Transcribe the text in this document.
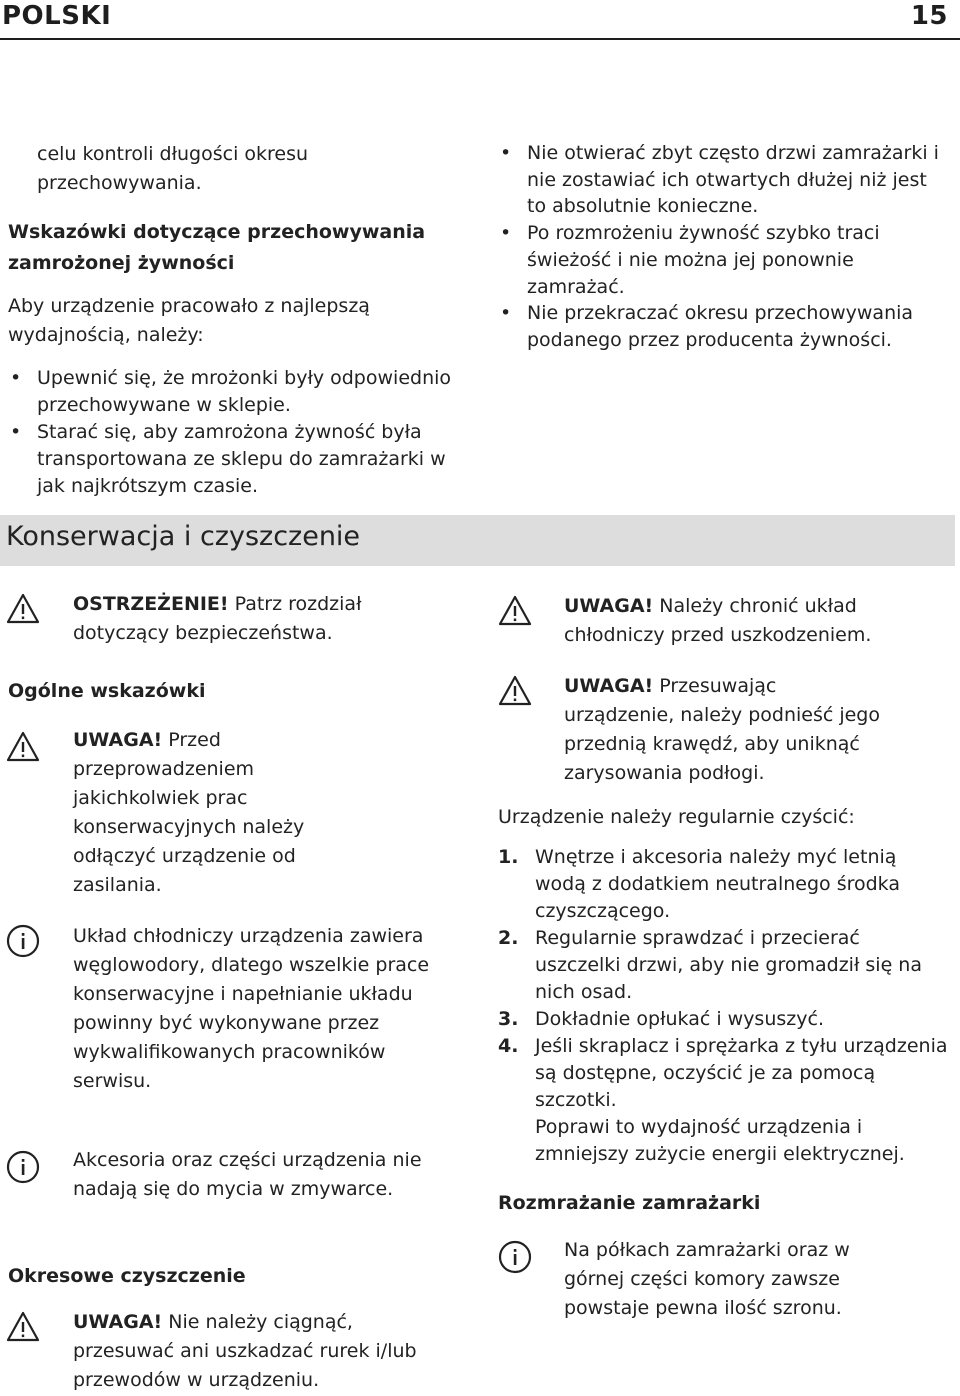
POLSKI	15

celu kontroli długości okresu przechowywania.

Wskazówki dotyczące przechowywania zamrożonej żywności

Aby urządzenie pracowało z najlepszą wydajnością, należy:

• Upewnić się, że mrożonki były odpowiednio przechowywane w sklepie.
• Starać się, aby zamrożona żywność była transportowana ze sklepu do zamrażarki w jak najkrótszym czasie.
• Nie otwierać zbyt często drzwi zamrażarki i nie zostawiać ich otwartych dłużej niż jest to absolutnie konieczne.
• Po rozmrożeniu żywność szybko traci świeżość i nie można jej ponownie zamrażać.
• Nie przekraczać okresu przechowywania podanego przez producenta żywności.
Konserwacja i czyszczenie
OSTRZEŻENIE! Patrz rozdział dotyczący bezpieczeństwa.
Ogólne wskazówki
UWAGA! Przed przeprowadzeniem jakichkolwiek prac konserwacyjnych należy odłączyć urządzenie od zasilania.
Układ chłodniczy urządzenia zawiera węglowodory, dlatego wszelkie prace konserwacyjne i napełnianie układu powinny być wykonywane przez wykwalifikowanych pracowników serwisu.
Akcesoria oraz części urządzenia nie nadają się do mycia w zmywarce.
Okresowe czyszczenie
UWAGA! Nie należy ciągnąć, przesuwać ani uszkadzać rurek i/lub przewodów w urządzeniu.
UWAGA! Należy chronić układ chłodniczy przed uszkodzeniem.
UWAGA! Przesuwając urządzenie, należy podnieść jego przednią krawędź, aby uniknąć zarysowania podłogi.

Urządzenie należy regularnie czyścić:

1. Wnętrze i akcesoria należy myć letnią wodą z dodatkiem neutralnego środka czyszczącego.
2. Regularnie sprawdzać i przecierać uszczelki drzwi, aby nie gromadził się na nich osad.
3. Dokładnie opłukać i wysuszyć.
4. Jeśli skraplacz i sprężarka z tyłu urządzenia są dostępne, oczyścić je za pomocą szczotki.
Poprawi to wydajność urządzenia i zmniejszy zużycie energii elektrycznej.
Rozmrażanie zamrażarki
Na półkach zamrażarki oraz w górnej części komory zawsze powstaje pewna ilość szronu.
